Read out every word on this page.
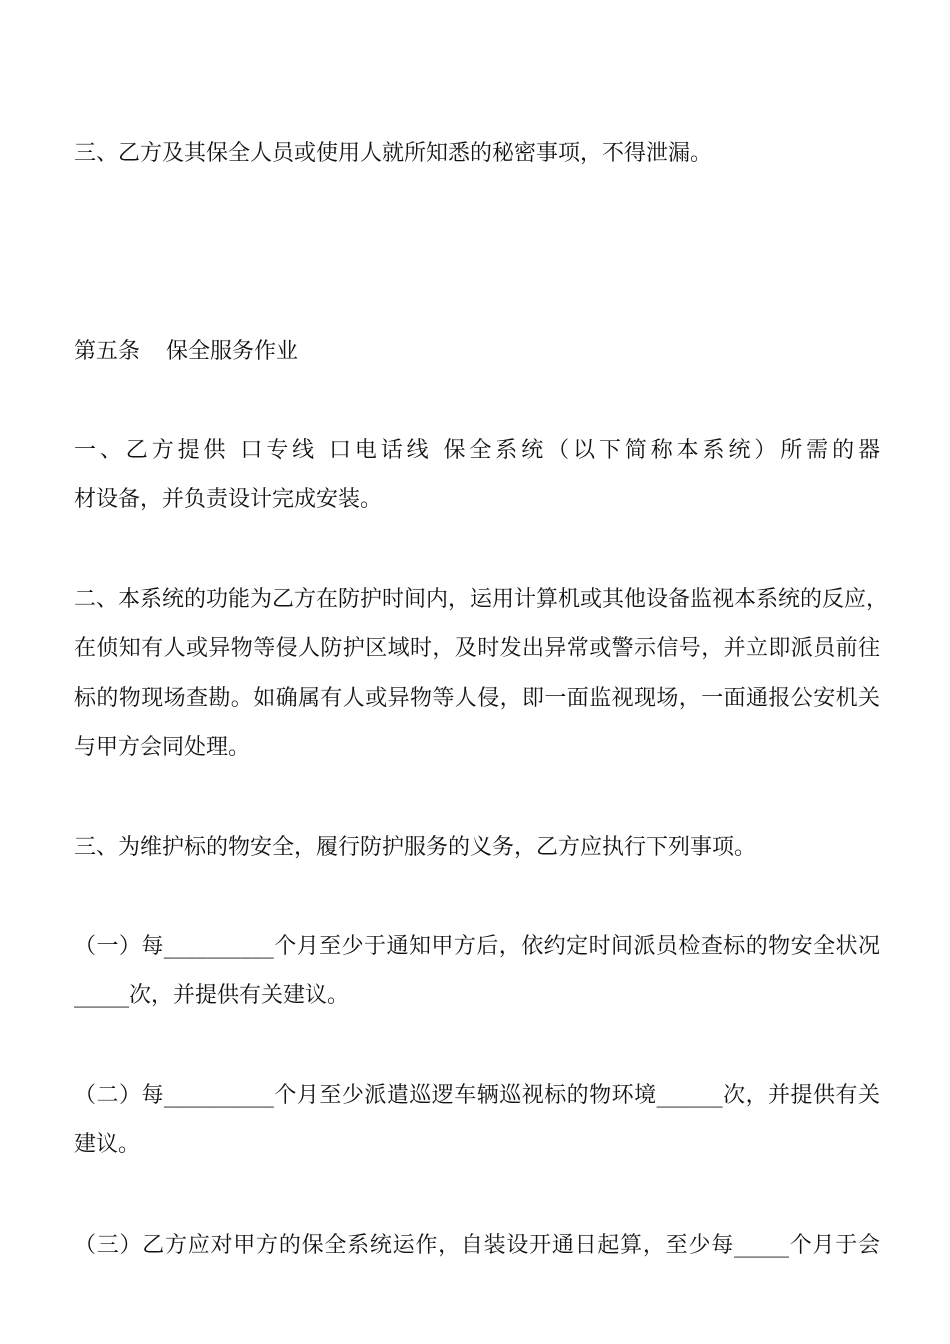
三、乙方及其保全人员或使用人就所知悉的秘密事项，不得泄漏。
第五条 保全服务作业
一、乙方提供 口专线 口电话线 保全系统（以下简称本系统）所需的器
材设备，并负责设计完成安装。
二、本系统的功能为乙方在防护时间内，运用计算机或其他设备监视本系统的反应，
在侦知有人或异物等侵人防护区域时，及时发出异常或警示信号，并立即派员前往
标的物现场查勘。如确属有人或异物等人侵，即一面监视现场，一面通报公安机关
与甲方会同处理。
三、为维护标的物安全，履行防护服务的义务，乙方应执行下列事项。
（一）每__________个月至少于通知甲方后，依约定时间派员检查标的物安全状况
_____次，并提供有关建议。
（二）每__________个月至少派遣巡逻车辆巡视标的物环境______次，并提供有关
建议。
（三）乙方应对甲方的保全系统运作，自装设开通日起算，至少每_____个月于会
